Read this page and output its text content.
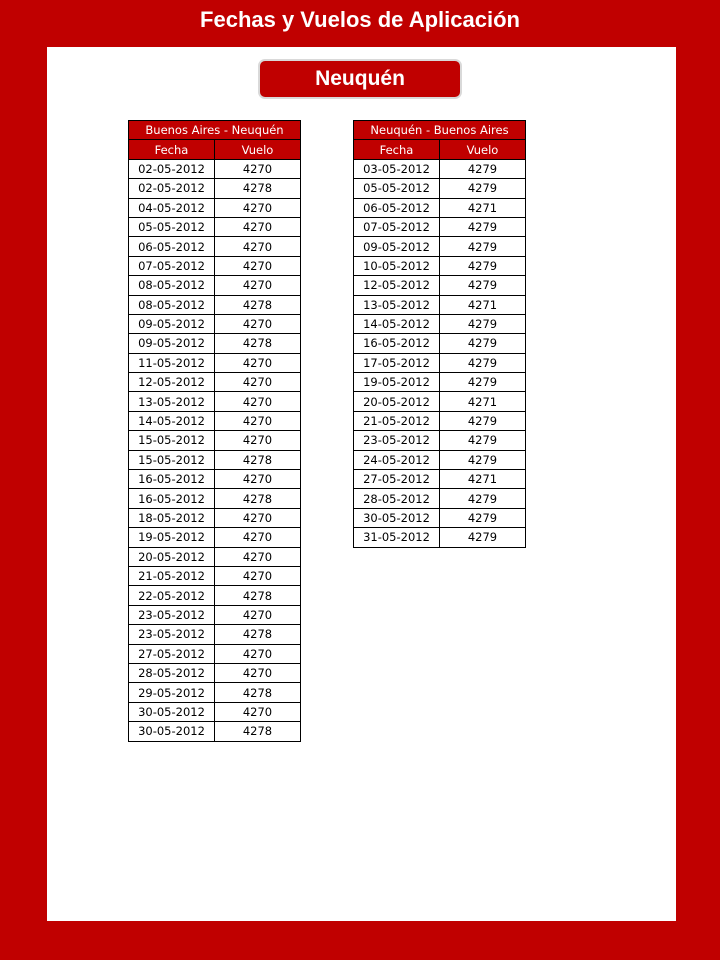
Fechas y Vuelos de Aplicación
Neuquén
Buenos Aires - Neuquén	
Fecha	Vuelo
02-05-2012	4270
02-05-2012	4278
04-05-2012	4270
05-05-2012	4270
06-05-2012	4270
07-05-2012	4270
08-05-2012	4270
08-05-2012	4278
09-05-2012	4270
09-05-2012	4278
11-05-2012	4270
12-05-2012	4270
13-05-2012	4270
14-05-2012	4270
15-05-2012	4270
15-05-2012	4278
16-05-2012	4270
16-05-2012	4278
18-05-2012	4270
19-05-2012	4270
20-05-2012	4270
21-05-2012	4270
22-05-2012	4278
23-05-2012	4270
23-05-2012	4278
27-05-2012	4270
28-05-2012	4270
29-05-2012	4278
30-05-2012	4270
30-05-2012	4278
Neuquén - Buenos Aires	
Fecha	Vuelo
03-05-2012	4279
05-05-2012	4279
06-05-2012	4271
07-05-2012	4279
09-05-2012	4279
10-05-2012	4279
12-05-2012	4279
13-05-2012	4271
14-05-2012	4279
16-05-2012	4279
17-05-2012	4279
19-05-2012	4279
20-05-2012	4271
21-05-2012	4279
23-05-2012	4279
24-05-2012	4279
27-05-2012	4271
28-05-2012	4279
30-05-2012	4279
31-05-2012	4279
